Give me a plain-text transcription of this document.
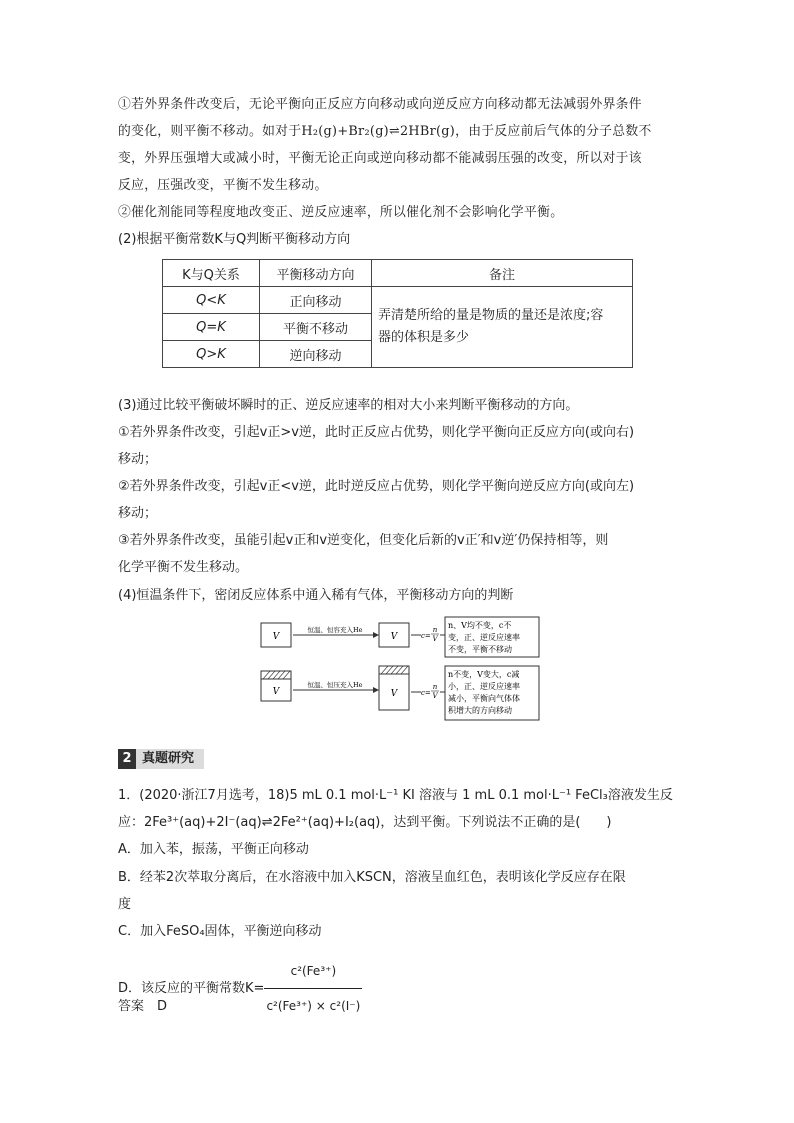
①若外界条件改变后，无论平衡向正反应方向移动或向逆反应方向移动都无法减弱外界条件
的变化，则平衡不移动。如对于H₂(g)+Br₂(g)⇌2HBr(g)，由于反应前后气体的分子总数不
变，外界压强增大或减小时，平衡无论正向或逆向移动都不能减弱压强的改变，所以对于该
反应，压强改变，平衡不发生移动。
②催化剂能同等程度地改变正、逆反应速率，所以催化剂不会影响化学平衡。
(2)根据平衡常数K与Q判断平衡移动方向
K与Q关系	平衡移动方向	备注
Q<K	正向移动	弄清楚所给的量是物质的量还是浓度;容
器的体积是多少
Q=K	平衡不移动	
Q>K	逆向移动	
(3)通过比较平衡破坏瞬时的正、逆反应速率的相对大小来判断平衡移动的方向。
①若外界条件改变，引起v正>v逆，此时正反应占优势，则化学平衡向正反应方向(或向右)
移动；
②若外界条件改变，引起v正<v逆，此时逆反应占优势，则化学平衡向逆反应方向(或向左)
移动；
③若外界条件改变，虽能引起v正和v逆变化，但变化后新的v正′和v逆′仍保持相等，则
化学平衡不发生移动。
(4)恒温条件下，密闭反应体系中通入稀有气体，平衡移动方向的判断
V
恒温、恒容充入He
V	c=
n
V
n、V均不变，c不
变，正、逆反应速率
不变，平衡不移动
V
恒温、恒压充入He
V	c=
n
V
n不变，V变大，c减
小，正、逆反应速率
减小，平衡向气体体
积增大的方向移动
2 真题研究
1．(2020·浙江7月选考，18)5 mL 0.1 mol·L⁻¹ KI 溶液与 1 mL 0.1 mol·L⁻¹ FeCl₃溶液发生反
应：2Fe³⁺(aq)+2I⁻(aq)⇌2Fe²⁺(aq)+I₂(aq)，达到平衡。下列说法不正确的是(　　)
A．加入苯，振荡，平衡正向移动
B．经苯2次萃取分离后，在水溶液中加入KSCN，溶液呈血红色，表明该化学反应存在限
度
C．加入FeSO₄固体，平衡逆向移动
D．该反应的平衡常数$K= \frac{\text{c²(Fe³⁺)}}{\text{c²(Fe³⁺) × c²(I⁻)}}$
答案　D
